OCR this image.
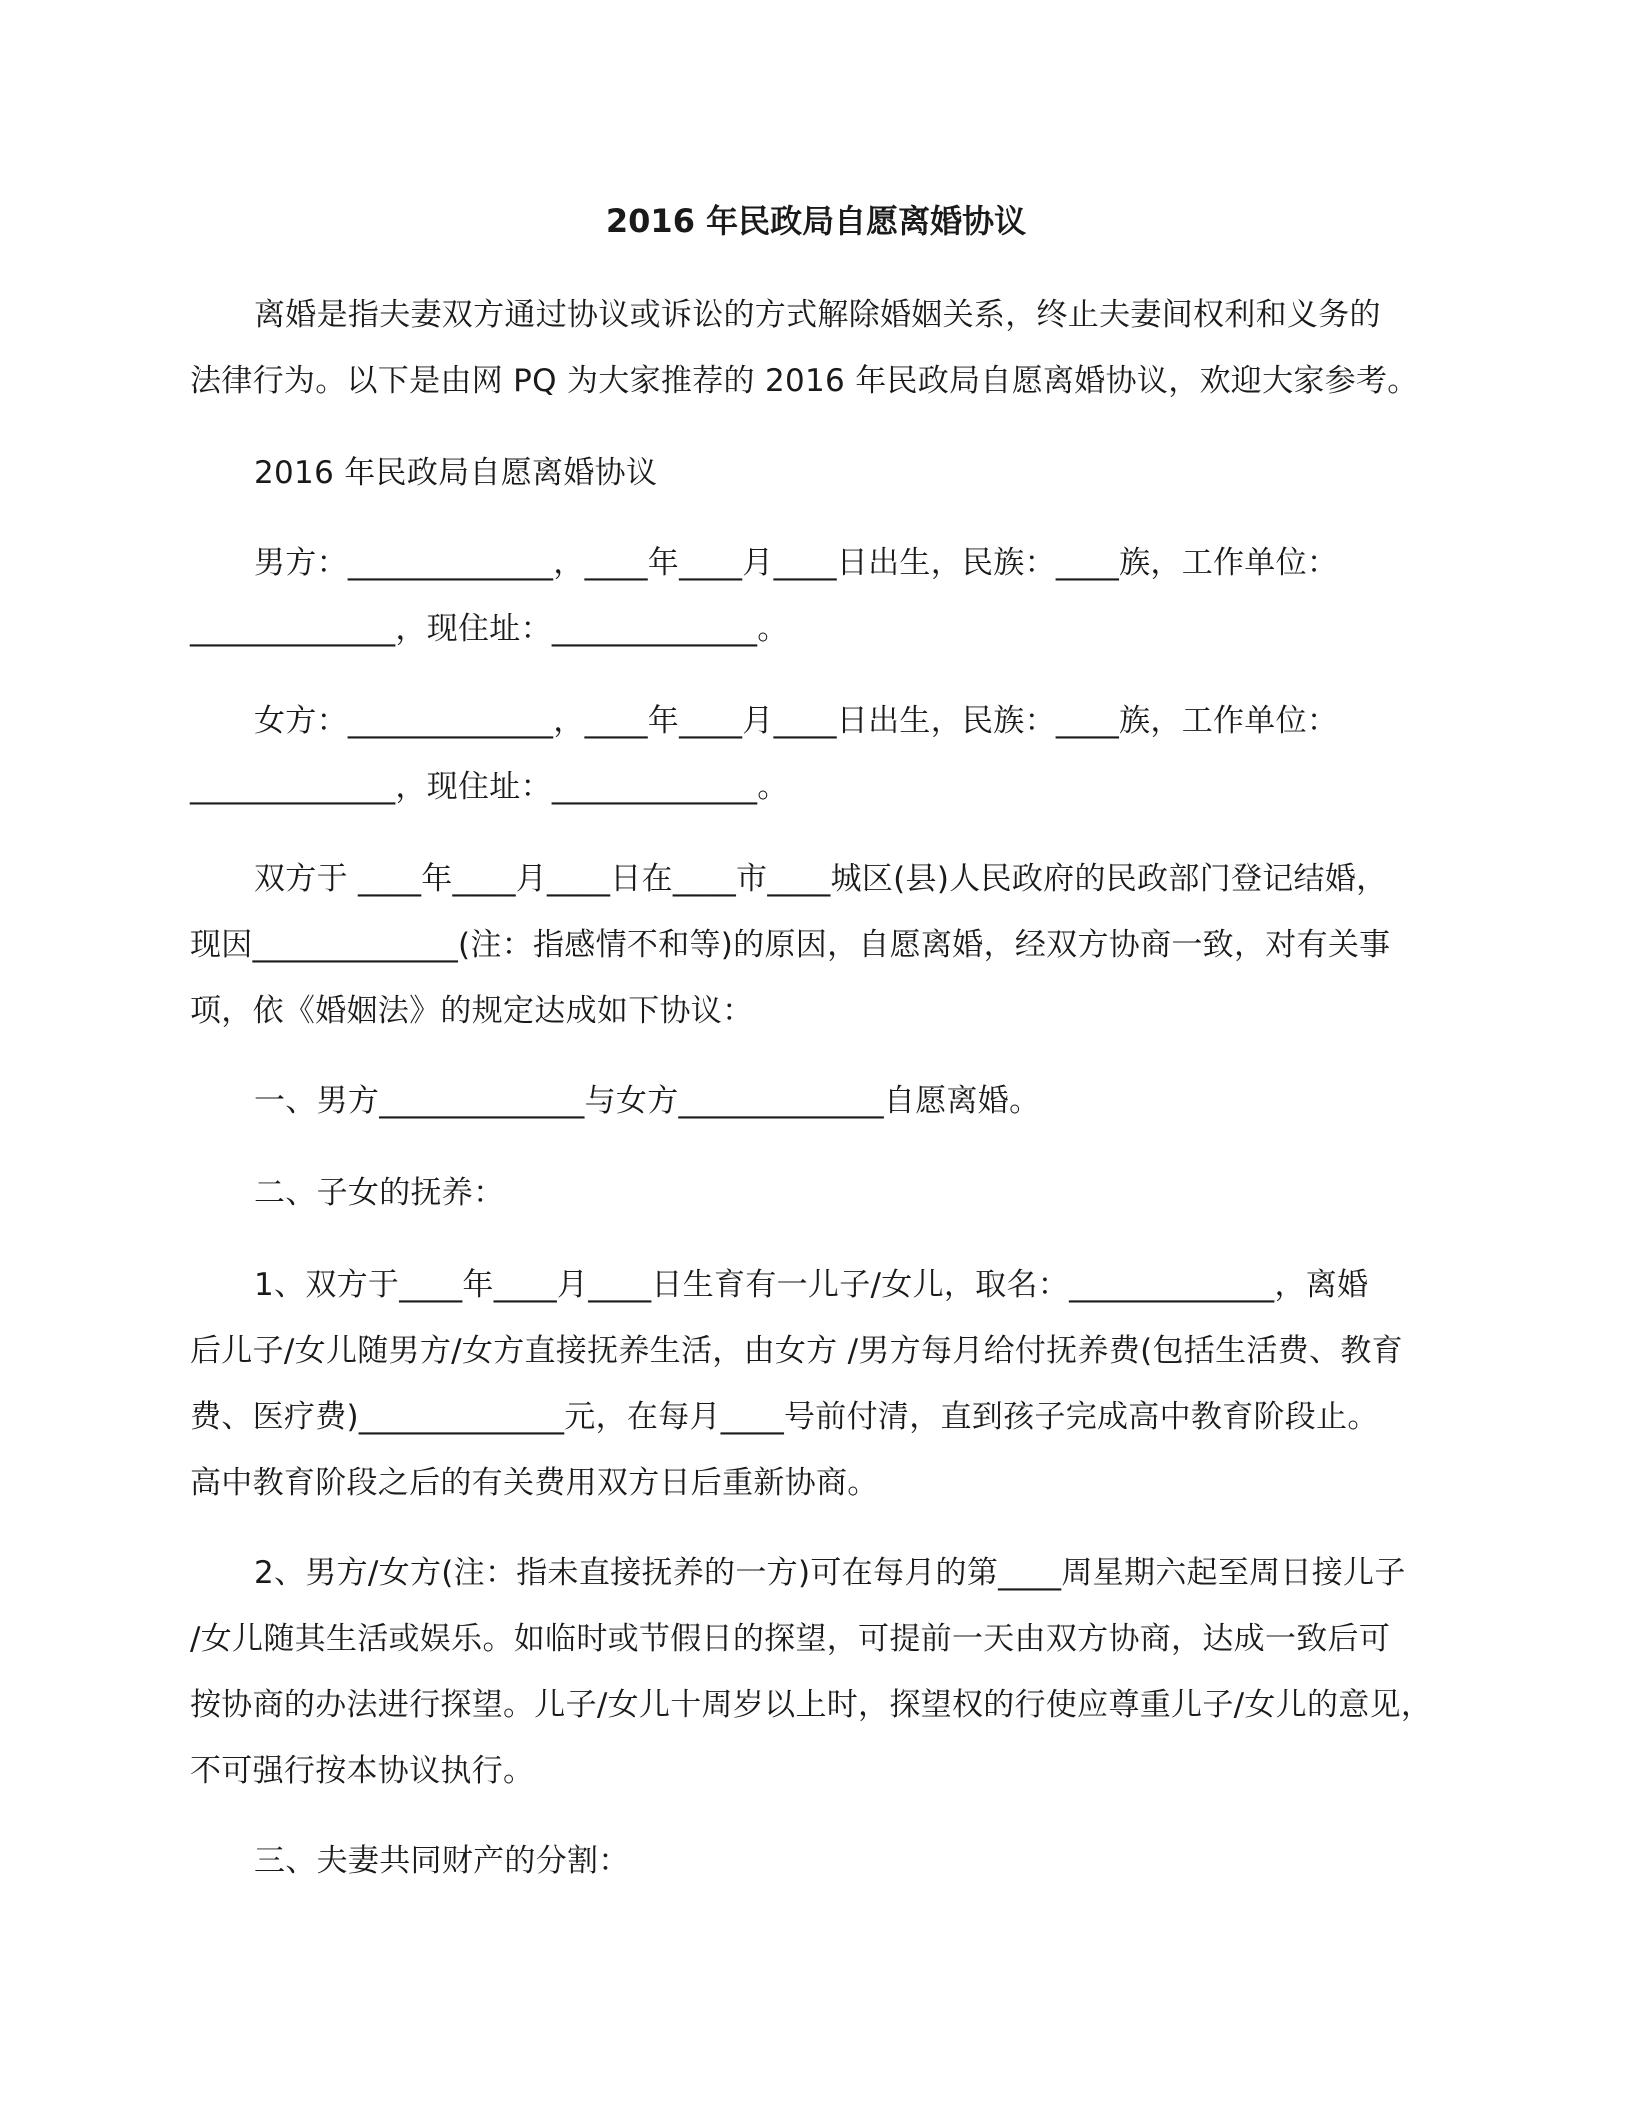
2016 年民政局自愿离婚协议
离婚是指夫妻双方通过协议或诉讼的方式解除婚姻关系，终止夫妻间权利和义务的
法律行为。以下是由网 PQ 为大家推荐的 2016 年民政局自愿离婚协议，欢迎大家参考。
2016 年民政局自愿离婚协议
男方：_____________，____年____月____日出生，民族：____族，工作单位：
_____________，现住址：_____________。
女方：_____________，____年____月____日出生，民族：____族，工作单位：
_____________，现住址：_____________。
双方于 ____年____月____日在____市____城区(县)人民政府的民政部门登记结婚，
现因_____________(注：指感情不和等)的原因，自愿离婚，经双方协商一致，对有关事
项，依《婚姻法》的规定达成如下协议：
一、男方_____________与女方_____________自愿离婚。
二、子女的抚养：
1、双方于____年____月____日生育有一儿子/女儿，取名：_____________，离婚
后儿子/女儿随男方/女方直接抚养生活，由女方 /男方每月给付抚养费(包括生活费、教育
费、医疗费)_____________元，在每月____号前付清，直到孩子完成高中教育阶段止。
高中教育阶段之后的有关费用双方日后重新协商。
2、男方/女方(注：指未直接抚养的一方)可在每月的第____周星期六起至周日接儿子
/女儿随其生活或娱乐。如临时或节假日的探望，可提前一天由双方协商，达成一致后可
按协商的办法进行探望。儿子/女儿十周岁以上时，探望权的行使应尊重儿子/女儿的意见，
不可强行按本协议执行。
三、夫妻共同财产的分割：
